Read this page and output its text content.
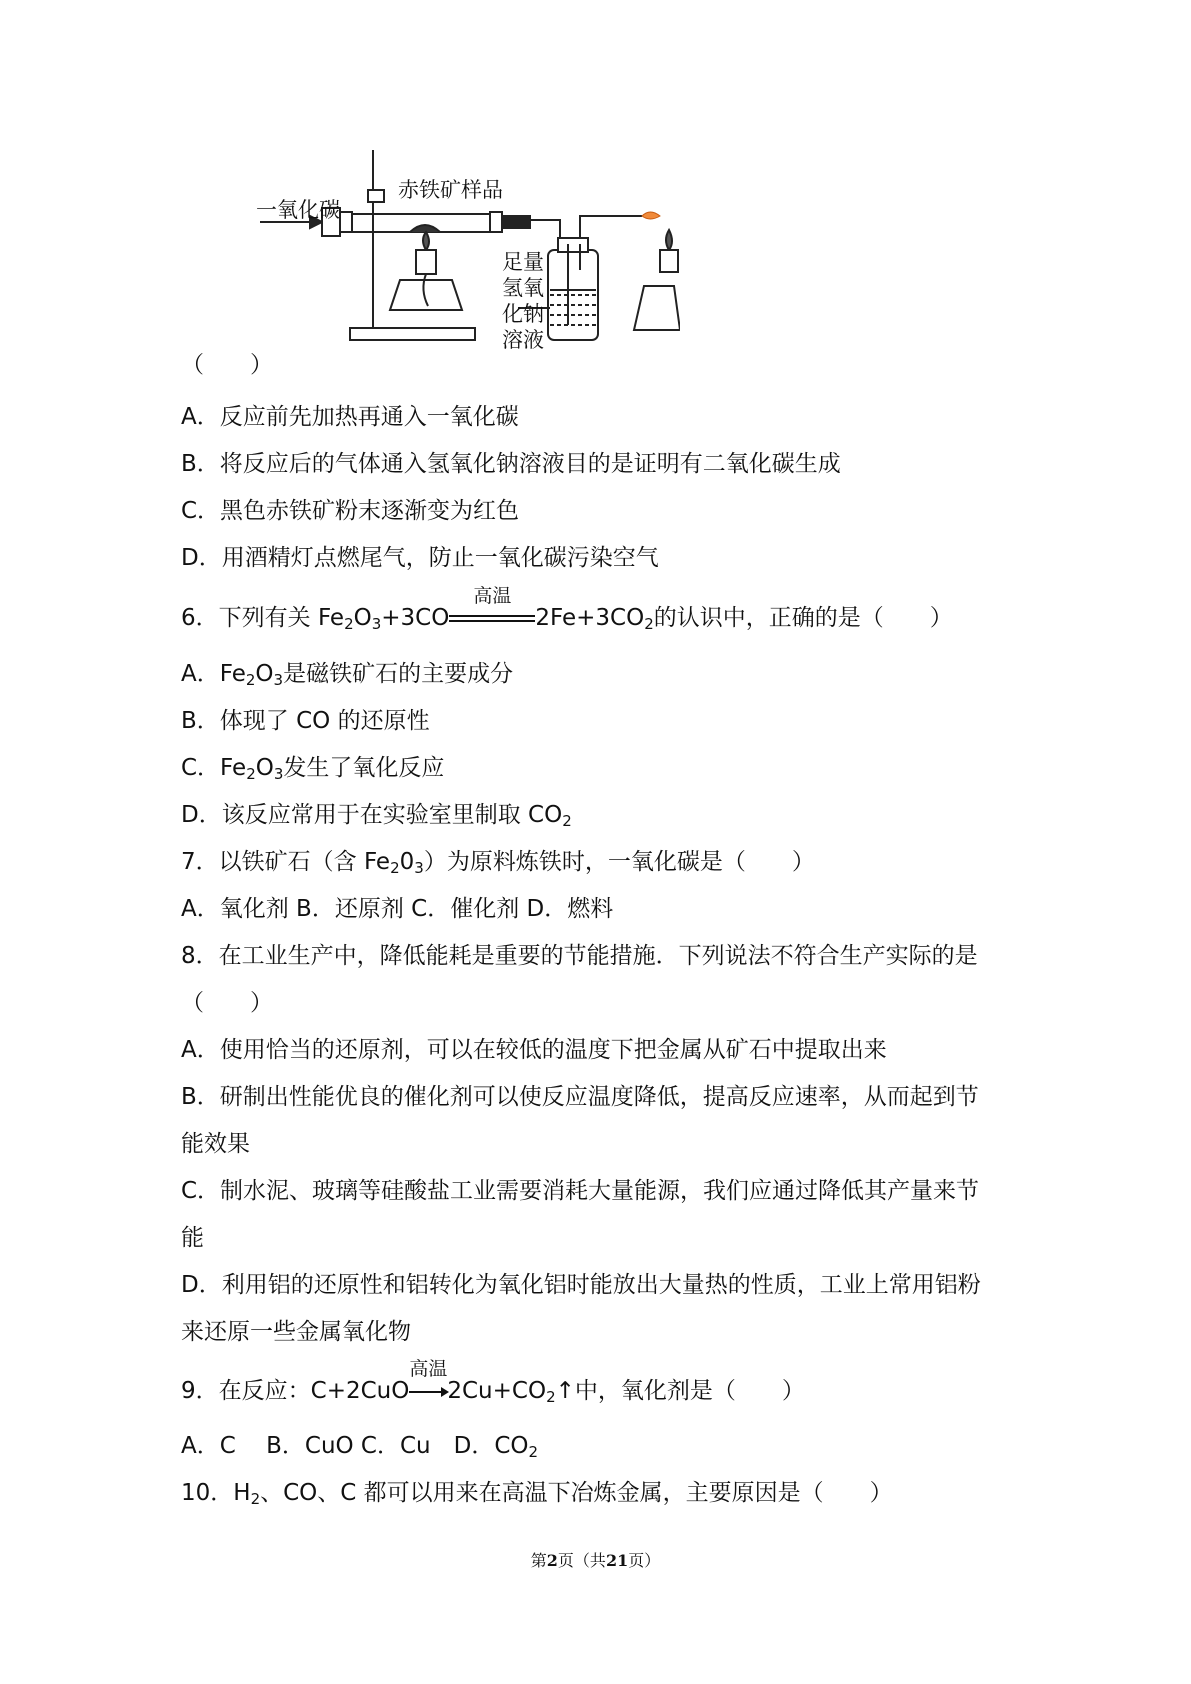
一氧化碳
赤铁矿样品
足量
氢氧
化钠
溶液
（　　）
A．反应前先加热再通入一氧化碳
B．将反应后的气体通入氢氧化钠溶液目的是证明有二氧化碳生成
C．黑色赤铁矿粉末逐渐变为红色
D．用酒精灯点燃尾气，防止一氧化碳污染空气
6．下列有关 $Fe_2O_3+3CO$
高温
$2Fe+3CO_2$的认识中，正确的是（　　）
A．$Fe_2O_3$是磁铁矿石的主要成分
B．体现了 CO 的还原性
C．$Fe_2O_3$发生了氧化反应
D．该反应常用于在实验室里制取 $CO_2$
7．以铁矿石（含 $Fe_20_3$）为原料炼铁时，一氧化碳是（　　）
A．氧化剂 B．还原剂 C．催化剂 D．燃料
8．在工业生产中，降低能耗是重要的节能措施．下列说法不符合生产实际的是
（　　）
A．使用恰当的还原剂，可以在较低的温度下把金属从矿石中提取出来
B．研制出性能优良的催化剂可以使反应温度降低，提高反应速率，从而起到节
能效果
C．制水泥、玻璃等硅酸盐工业需要消耗大量能源，我们应通过降低其产量来节
能
D．利用铝的还原性和铝转化为氧化铝时能放出大量热的性质，工业上常用铝粉
来还原一些金属氧化物
9．在反应：C+2CuO
高温
$2Cu+CO_2↑$中，氧化剂是（　　）
A．C　 B．CuO C．Cu　D．$CO_2$
10．$H_2$、CO、C 都可以用来在高温下冶炼金属，主要原因是（　　）
第2页（共21页）
